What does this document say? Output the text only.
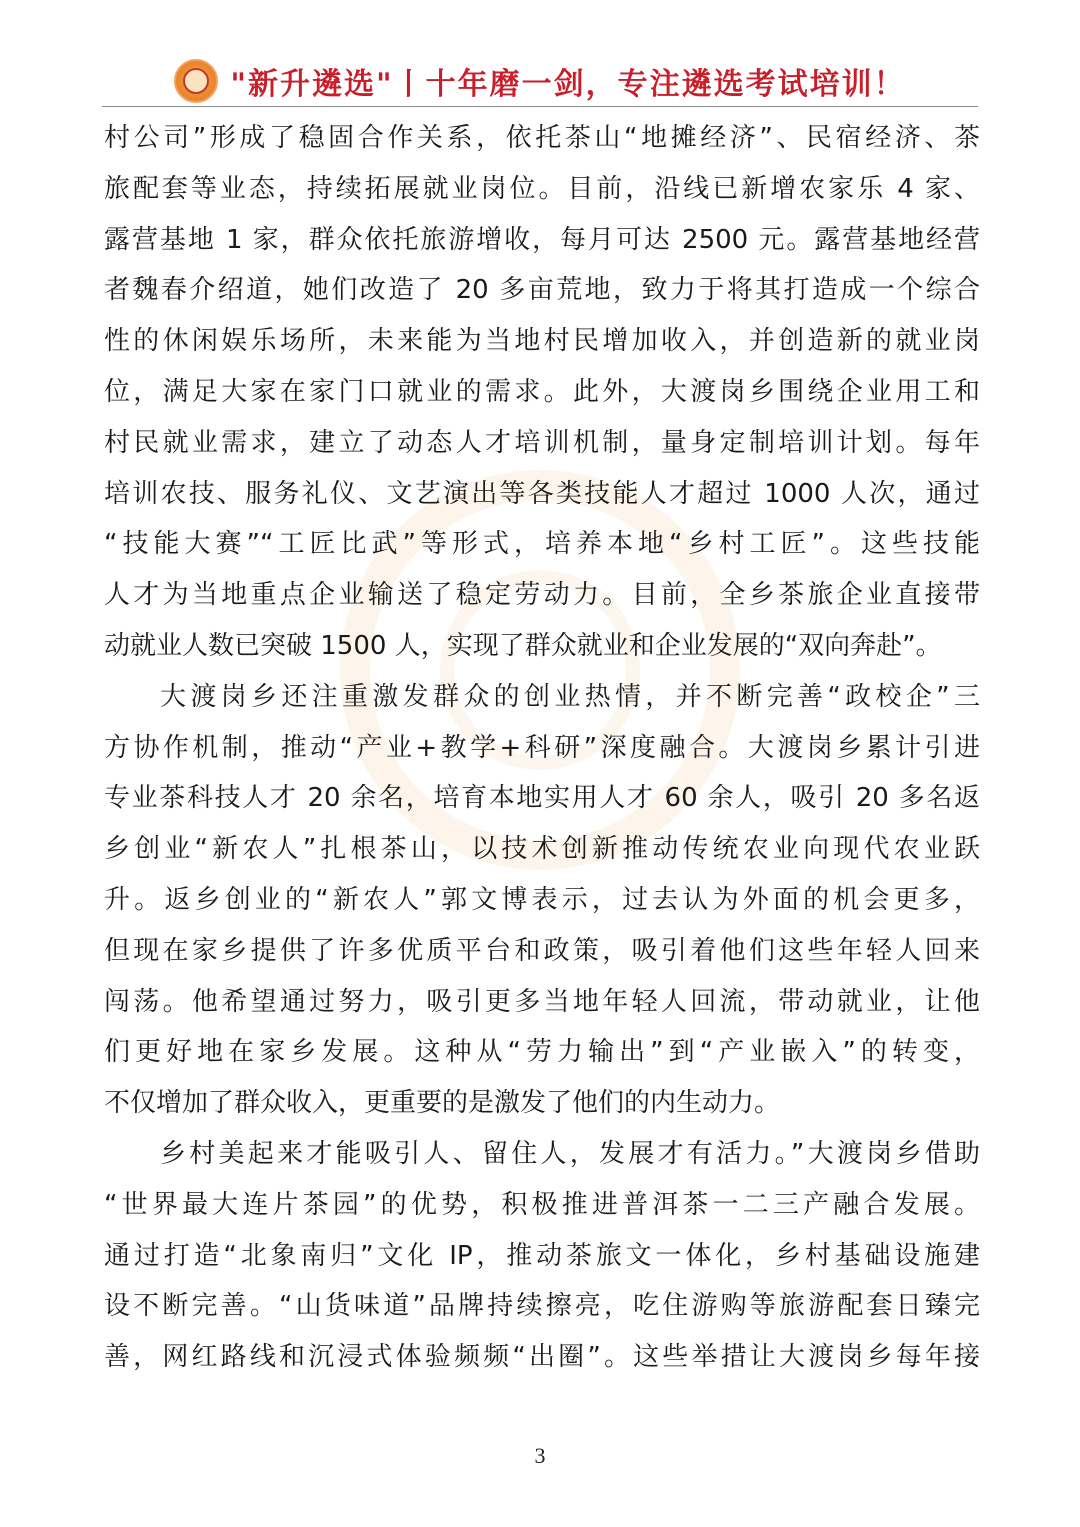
"新升遴选"丨十年磨一剑，专注遴选考试培训！
村公司”形成了稳固合作关系，依托茶山“地摊经济”、民宿经济、茶
旅配套等业态，持续拓展就业岗位。目前，沿线已新增农家乐 4 家、
露营基地 1 家，群众依托旅游增收，每月可达 2500 元。露营基地经营
者魏春介绍道，她们改造了 20 多亩荒地，致力于将其打造成一个综合
性的休闲娱乐场所，未来能为当地村民增加收入，并创造新的就业岗
位，满足大家在家门口就业的需求。此外，大渡岗乡围绕企业用工和
村民就业需求，建立了动态人才培训机制，量身定制培训计划。每年
培训农技、服务礼仪、文艺演出等各类技能人才超过 1000 人次，通过
“技能大赛”“工匠比武”等形式，培养本地“乡村工匠”。这些技能
人才为当地重点企业输送了稳定劳动力。目前，全乡茶旅企业直接带
动就业人数已突破 1500 人，实现了群众就业和企业发展的“双向奔赴”。
大渡岗乡还注重激发群众的创业热情，并不断完善“政校企”三
方协作机制，推动“产业+教学+科研”深度融合。大渡岗乡累计引进
专业茶科技人才 20 余名，培育本地实用人才 60 余人，吸引 20 多名返
乡创业“新农人”扎根茶山，以技术创新推动传统农业向现代农业跃
升。返乡创业的“新农人”郭文博表示，过去认为外面的机会更多，
但现在家乡提供了许多优质平台和政策，吸引着他们这些年轻人回来
闯荡。他希望通过努力，吸引更多当地年轻人回流，带动就业，让他
们更好地在家乡发展。这种从“劳力输出”到“产业嵌入”的转变，
不仅增加了群众收入，更重要的是激发了他们的内生动力。
乡村美起来才能吸引人、留住人，发展才有活力。”大渡岗乡借助
“世界最大连片茶园”的优势，积极推进普洱茶一二三产融合发展。
通过打造“北象南归”文化 IP，推动茶旅文一体化，乡村基础设施建
设不断完善。“山货味道”品牌持续擦亮，吃住游购等旅游配套日臻完
善，网红路线和沉浸式体验频频“出圈”。这些举措让大渡岗乡每年接
3
